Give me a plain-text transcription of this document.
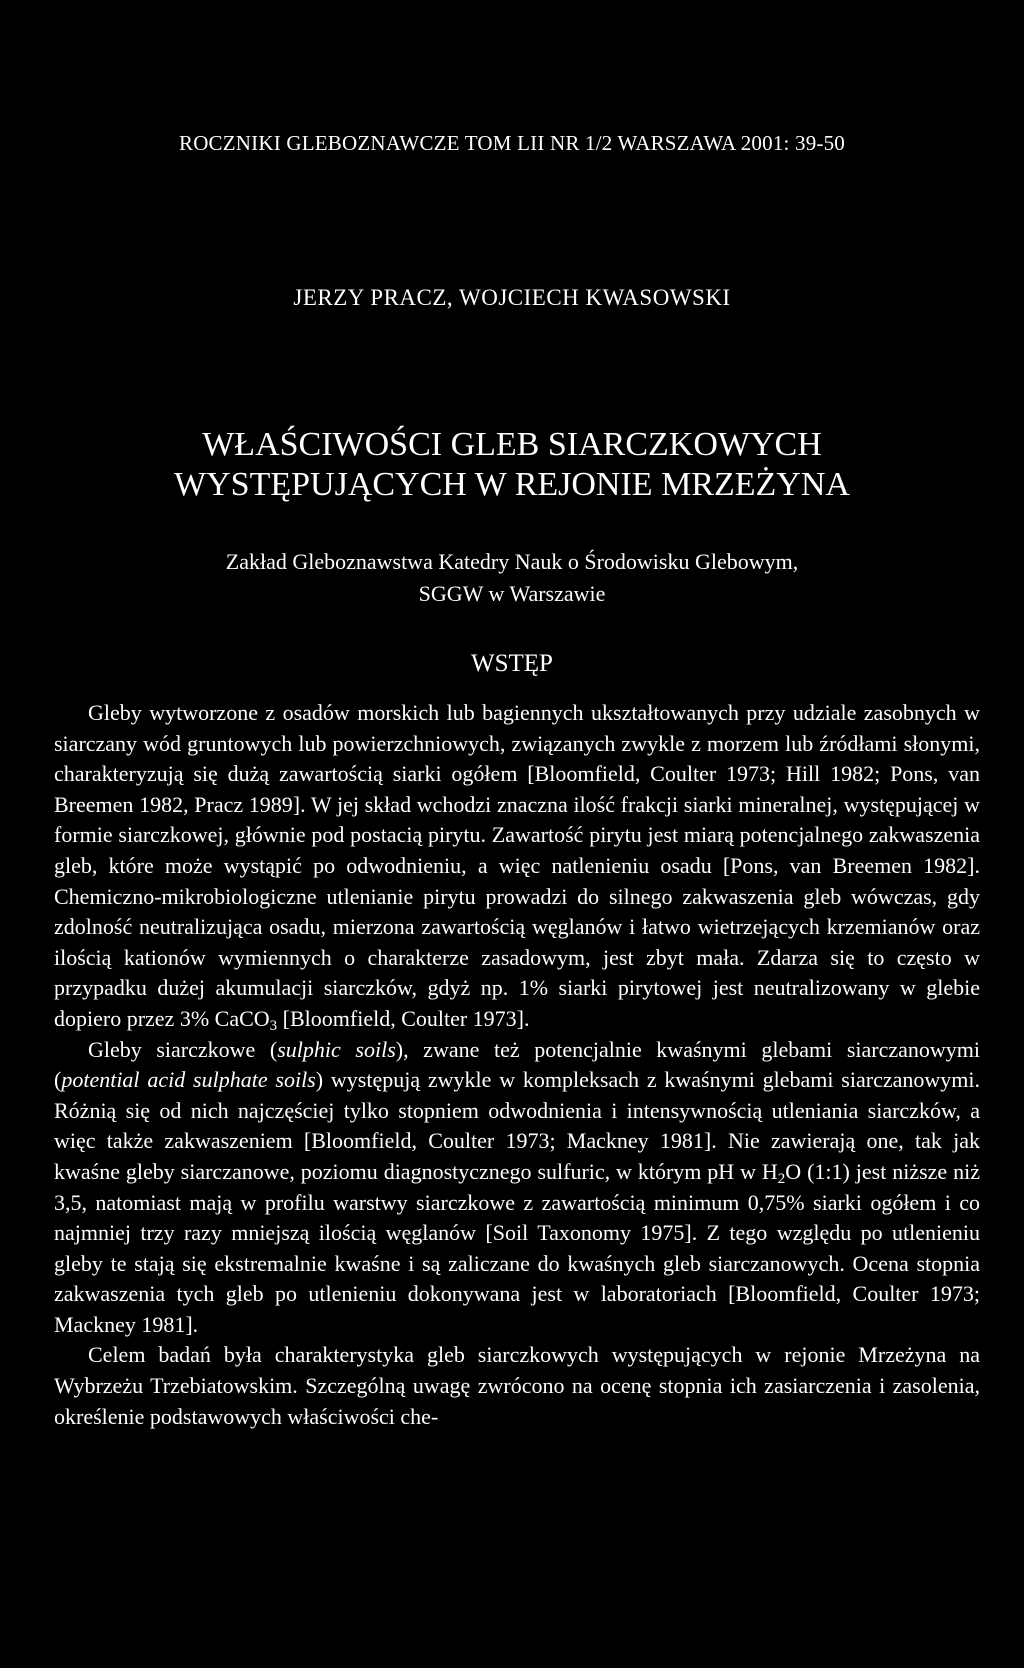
ROCZNIKI GLEBOZNAWCZE TOM LII NR 1/2 WARSZAWA 2001: 39-50
JERZY PRACZ, WOJCIECH KWASOWSKI
WŁAŚCIWOŚCI GLEB SIARCZKOWYCH
WYSTĘPUJĄCYCH W REJONIE MRZEŻYNA
Zakład Gleboznawstwa Katedry Nauk o Środowisku Glebowym,
SGGW w Warszawie
WSTĘP

Gleby wytworzone z osadów morskich lub bagiennych ukształtowanych przy udziale zasobnych w siarczany wód gruntowych lub powierzchniowych, związanych zwykle z morzem lub źródłami słonymi, charakteryzują się dużą zawartością siarki ogółem [Bloomfield, Coulter 1973; Hill 1982; Pons, van Breemen 1982, Pracz 1989]. W jej skład wchodzi znaczna ilość frakcji siarki mineralnej, występującej w formie siarczkowej, głównie pod postacią pirytu. Zawartość pirytu jest miarą potencjalnego zakwaszenia gleb, które może wystąpić po odwodnieniu, a więc natlenieniu osadu [Pons, van Breemen 1982]. Chemiczno-mikrobiologiczne utlenianie pirytu prowadzi do silnego zakwaszenia gleb wówczas, gdy zdolność neutralizująca osadu, mierzona zawartością węglanów i łatwo wietrzejących krzemianów oraz ilością kationów wymiennych o charakterze zasadowym, jest zbyt mała. Zdarza się to często w przypadku dużej akumulacji siarczków, gdyż np. 1% siarki pirytowej jest neutralizowany w glebie dopiero przez 3% CaCO$_3$ [Bloomfield, Coulter 1973].

Gleby siarczkowe (sulphic soils), zwane też potencjalnie kwaśnymi glebami siarczanowymi (potential acid sulphate soils) występują zwykle w kompleksach z kwaśnymi glebami siarczanowymi. Różnią się od nich najczęściej tylko stopniem odwodnienia i intensywnością utleniania siarczków, a więc także zakwaszeniem [Bloomfield, Coulter 1973; Mackney 1981]. Nie zawierają one, tak jak kwaśne gleby siarczanowe, poziomu diagnostycznego sulfuric, w którym pH w $H_2O$ (1:1) jest niższe niż 3,5, natomiast mają w profilu warstwy siarczkowe z zawartością minimum 0,75% siarki ogółem i co najmniej trzy razy mniejszą ilością węglanów [Soil Taxonomy 1975]. Z tego względu po utlenieniu gleby te stają się ekstremalnie kwaśne i są zaliczane do kwaśnych gleb siarczanowych. Ocena stopnia zakwaszenia tych gleb po utlenieniu dokonywana jest w laboratoriach [Bloomfield, Coulter 1973; Mackney 1981].

Celem badań była charakterystyka gleb siarczkowych występujących w rejonie Mrzeżyna na Wybrzeżu Trzebiatowskim. Szczególną uwagę zwrócono na ocenę stopnia ich zasiarczenia i zasolenia, określenie podstawowych właściwości che-
